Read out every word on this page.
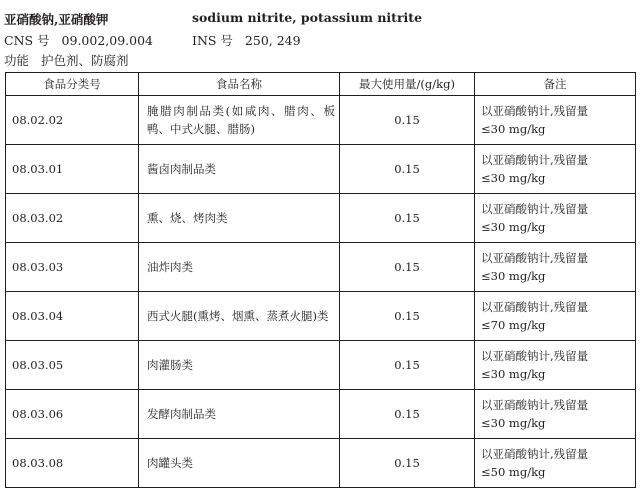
亚硝酸钠,亚硝酸钾	sodium nitrite, potassium nitrite
CNS 号 09.002,09.004	INS 号 250, 249
功能 护色剂、防腐剂
食品分类号	食品名称	最大使用量/(g/kg)	备注
08.02.02	腌腊肉制品类(如咸肉、腊肉、板鸭、中式火腿、腊肠)	0.15	以亚硝酸钠计,残留量
≤30 mg/kg

08.03.01	酱卤肉制品类	0.15	以亚硝酸钠计,残留量
≤30 mg/kg

08.03.02	熏、烧、烤肉类	0.15	以亚硝酸钠计,残留量
≤30 mg/kg

08.03.03	油炸肉类	0.15	以亚硝酸钠计,残留量
≤30 mg/kg

08.03.04	西式火腿(熏烤、烟熏、蒸煮火腿)类	0.15	以亚硝酸钠计,残留量
≤70 mg/kg

08.03.05	肉灌肠类	0.15	以亚硝酸钠计,残留量
≤30 mg/kg

08.03.06	发酵肉制品类	0.15	以亚硝酸钠计,残留量
≤30 mg/kg

08.03.08	肉罐头类	0.15	以亚硝酸钠计,残留量
≤50 mg/kg
